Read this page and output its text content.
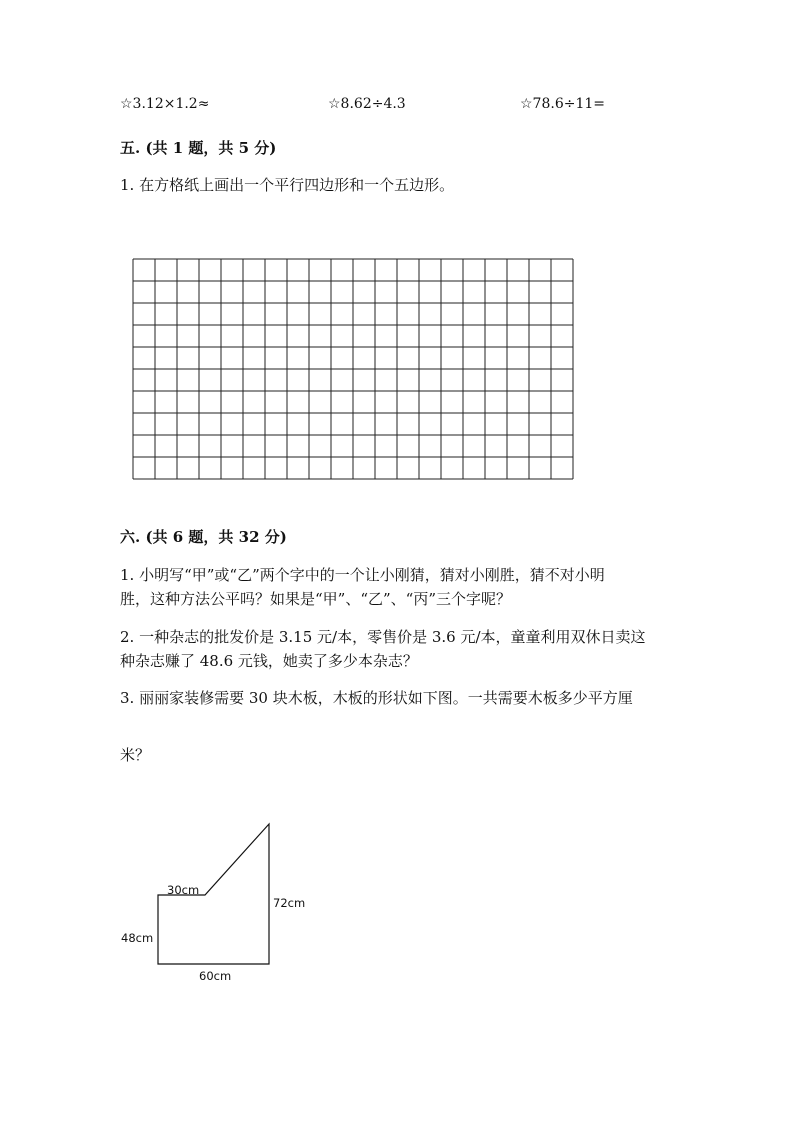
☆3.12×1.2≈	☆8.62÷4.3	☆78.6÷11=
五. (共 1 题，共 5 分)
1. 在方格纸上画出一个平行四边形和一个五边形。
六. (共 6 题，共 32 分)
1. 小明写“甲”或“乙”两个字中的一个让小刚猜，猜对小刚胜，猜不对小明
胜，这种方法公平吗？如果是“甲”、“乙”、“丙”三个字呢？
2. 一种杂志的批发价是 3.15 元/本，零售价是 3.6 元/本，童童利用双休日卖这
种杂志赚了 48.6 元钱，她卖了多少本杂志？
3. 丽丽家装修需要 30 块木板，木板的形状如下图。一共需要木板多少平方厘
米？
30cm
72cm
48cm
60cm
